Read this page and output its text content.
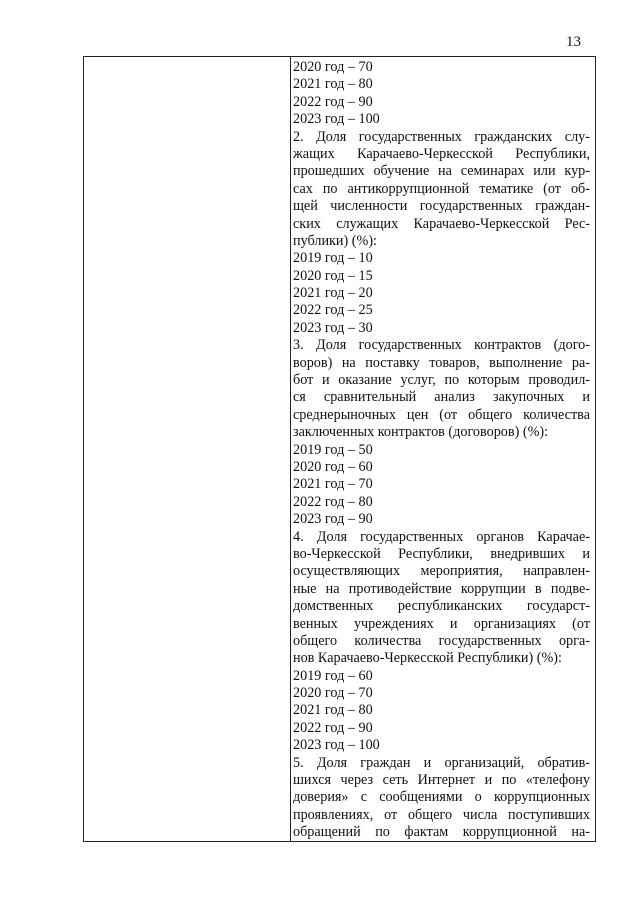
13
2020 год – 70
2021 год – 80
2022 год – 90
2023 год – 100
2. Доля государственных гражданских слу-
жащих Карачаево-Черкесской Республики,
прошедших обучение на семинарах или кур-
сах по антикоррупционной тематике (от об-
щей численности государственных граждан-
ских служащих Карачаево-Черкесской Рес-
публики) (%):
2019 год – 10
2020 год – 15
2021 год – 20
2022 год – 25
2023 год – 30
3. Доля государственных контрактов (дого-
воров) на поставку товаров, выполнение ра-
бот и оказание услуг, по которым проводил-
ся сравнительный анализ закупочных и
среднерыночных цен (от общего количества
заключенных контрактов (договоров) (%):
2019 год – 50
2020 год – 60
2021 год – 70
2022 год – 80
2023 год – 90
4. Доля государственных органов Карачае-
во-Черкесской Республики, внедривших и
осуществляющих мероприятия, направлен-
ные на противодействие коррупции в подве-
домственных республиканских государст-
венных учреждениях и организациях (от
общего количества государственных орга-
нов Карачаево-Черкесской Республики) (%):
2019 год – 60
2020 год – 70
2021 год – 80
2022 год – 90
2023 год – 100
5. Доля граждан и организаций, обратив-
шихся через сеть Интернет и по «телефону
доверия» с сообщениями о коррупционных
проявлениях, от общего числа поступивших
обращений по фактам коррупционной на-
